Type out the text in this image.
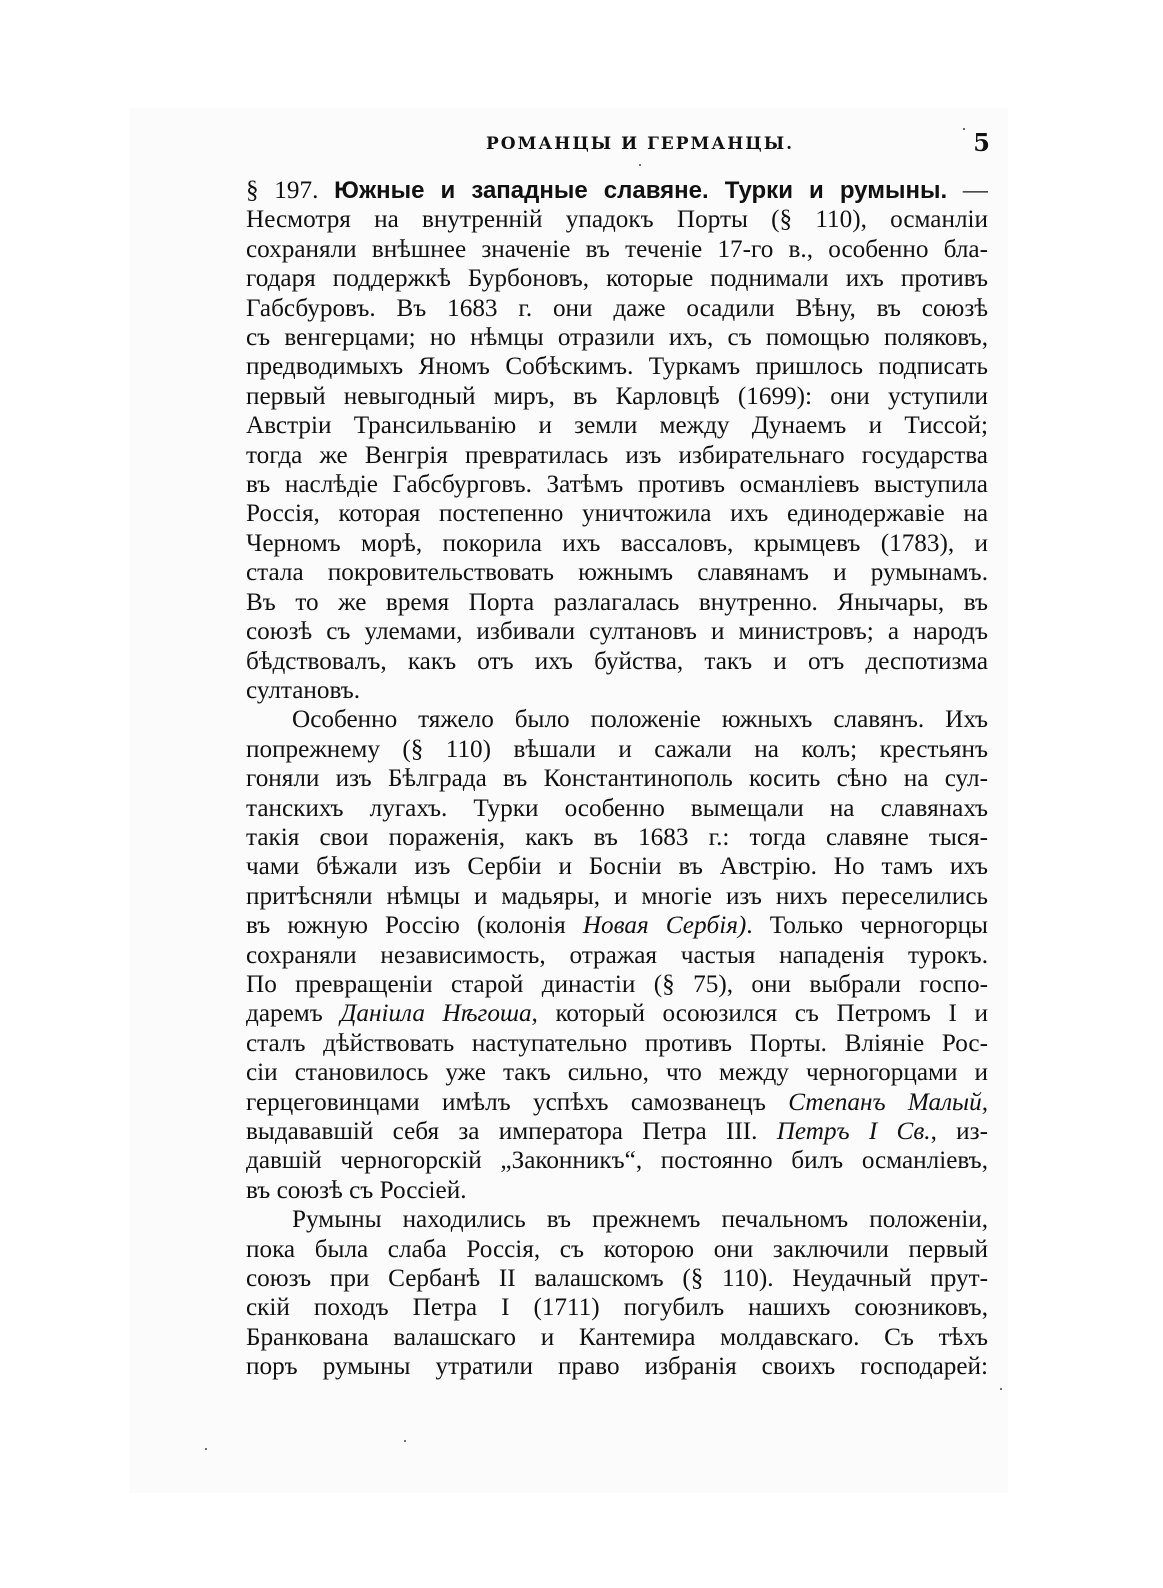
РОМАНЦЫ И ГЕРМАНЦЫ.	5
§ 197. Южные и западные славяне. Турки и румыны. —
Несмотря на внутренній упадокъ Порты (§ 110), османліи
сохраняли внѣшнее значеніе въ теченіе 17-го в., особенно бла-
годаря поддержкѣ Бурбоновъ, которые поднимали ихъ противъ
Габсбуровъ. Въ 1683 г. они даже осадили Вѣну, въ союзѣ
съ венгерцами; но нѣмцы отразили ихъ, съ помощью поляковъ,
предводимыхъ Яномъ Собѣскимъ. Туркамъ пришлось подписать
первый невыгодный миръ, въ Карловцѣ (1699): они уступили
Австріи Трансильванію и земли между Дунаемъ и Тиссой;
тогда же Венгрія превратилась изъ избирательнаго государства
въ наслѣдіе Габсбурговъ. Затѣмъ противъ османліевъ выступила
Россія, которая постепенно уничтожила ихъ единодержавіе на
Черномъ морѣ, покорила ихъ вассаловъ, крымцевъ (1783), и
стала покровительствовать южнымъ славянамъ и румынамъ.
Въ то же время Порта разлагалась внутренно. Янычары, въ
союзѣ съ улемами, избивали султановъ и министровъ; а народъ
бѣдствовалъ, какъ отъ ихъ буйства, такъ и отъ деспотизма
султановъ.
Особенно тяжело было положеніе южныхъ славянъ. Ихъ
попрежнему (§ 110) вѣшали и сажали на колъ; крестьянъ
гоняли изъ Бѣлграда въ Константинополь косить сѣно на сул-
танскихъ лугахъ. Турки особенно вымещали на славянахъ
такія свои пораженія, какъ въ 1683 г.: тогда славяне тыся-
чами бѣжали изъ Сербіи и Босніи въ Австрію. Но тамъ ихъ
притѣсняли нѣмцы и мадьяры, и многіе изъ нихъ переселились
въ южную Россію (колонія Новая Сербія). Только черногорцы
сохраняли независимость, отражая частыя нападенія турокъ.
По превращеніи старой династіи (§ 75), они выбрали госпо-
даремъ Даніила Нѣгоша, который осоюзился съ Петромъ I и
сталъ дѣйствовать наступательно противъ Порты. Вліяніе Рос-
сіи становилось уже такъ сильно, что между черногорцами и
герцеговинцами имѣлъ успѣхъ самозванецъ Степанъ Малый,
выдававшій себя за императора Петра III. Петръ I Св., из-
давшій черногорскій „Законникъ“, постоянно билъ османліевъ,
въ союзѣ съ Россіей.
Румыны находились въ прежнемъ печальномъ положеніи,
пока была слаба Россія, съ которою они заключили первый
союзъ при Сербанѣ II валашскомъ (§ 110). Неудачный прут-
скій походъ Петра I (1711) погубилъ нашихъ союзниковъ,
Бранкована валашскаго и Кантемира молдавскаго. Съ тѣхъ
поръ румыны утратили право избранія своихъ господарей:
